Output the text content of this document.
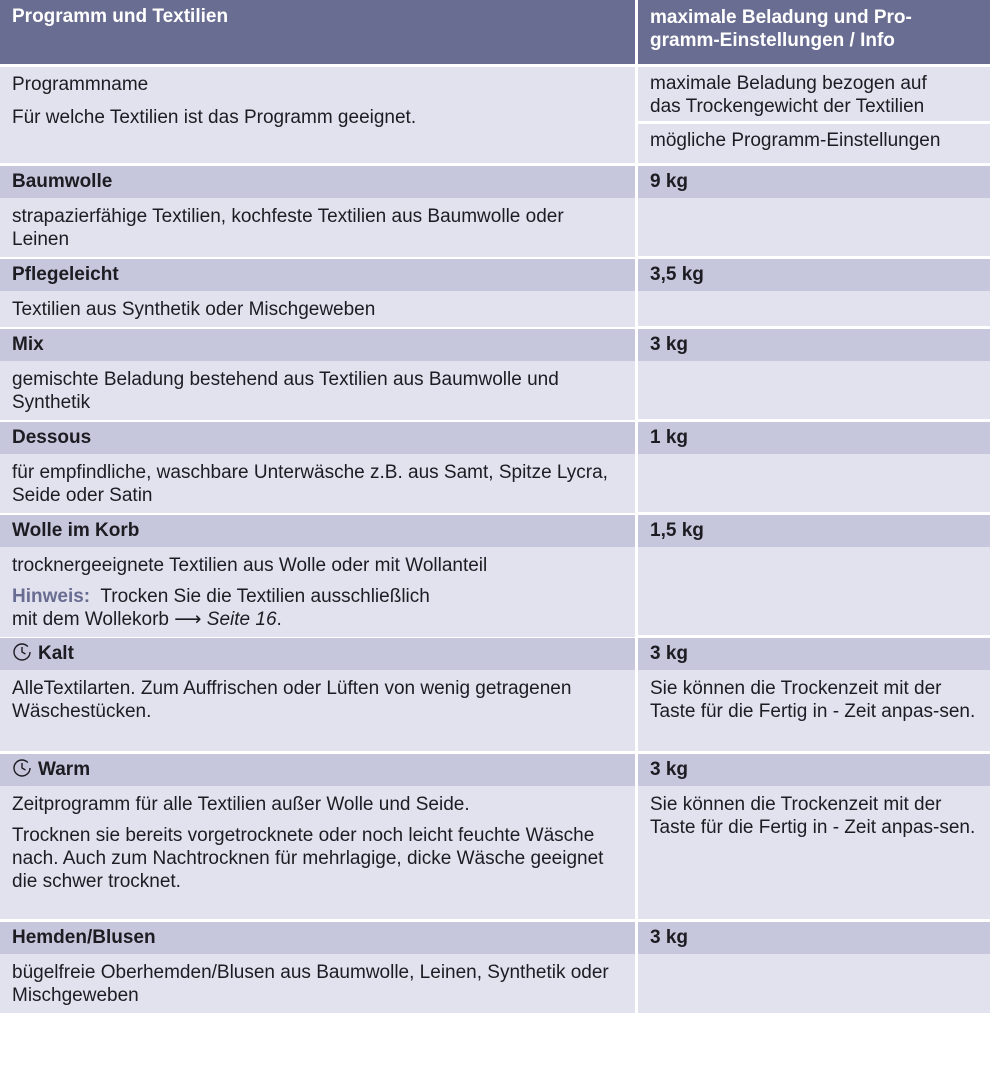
Programm und Textilien	maximale Beladung und Pro-
gramm-Einstellungen / Info

Programmname

Für welche Textilien ist das Programm geeignet.

maximale Beladung bezogen auf
das Trockengewicht der Textilien
mögliche Programm-Einstellungen
Baumwolle
strapazierfähige Textilien, kochfeste Textilien aus Baumwolle oder Leinen
9 kg
Pflegeleicht
Textilien aus Synthetik oder Mischgeweben
3,5 kg
Mix
gemischte Beladung bestehend aus Textilien aus Baumwolle und Synthetik
3 kg
Dessous
für empfindliche, waschbare Unterwäsche z.B. aus Samt, Spitze Lycra, Seide oder Satin
1 kg
Wolle im Korb

trocknergeeignete Textilien aus Wolle oder mit Wollanteil

Hinweis: Trocken Sie die Textilien ausschließlich
mit dem Wollekorb ⟶ Seite 16.
1,5 kg
Kalt
AlleTextilarten. Zum Auffrischen oder Lüften von wenig getragenen Wäschestücken.
3 kg
Sie können die Trockenzeit mit der Taste für die Fertig in - Zeit anpas-sen.
Warm

Zeitprogramm für alle Textilien außer Wolle und Seide.

Trocknen sie bereits vorgetrocknete oder noch leicht feuchte Wäsche nach. Auch zum Nachtrocknen für mehrlagige, dicke Wäsche geeignet die schwer trocknet.

3 kg
Sie können die Trockenzeit mit der Taste für die Fertig in - Zeit anpas-sen.
Hemden/Blusen
bügelfreie Oberhemden/Blusen aus Baumwolle, Leinen, Synthetik oder Mischgeweben
3 kg
